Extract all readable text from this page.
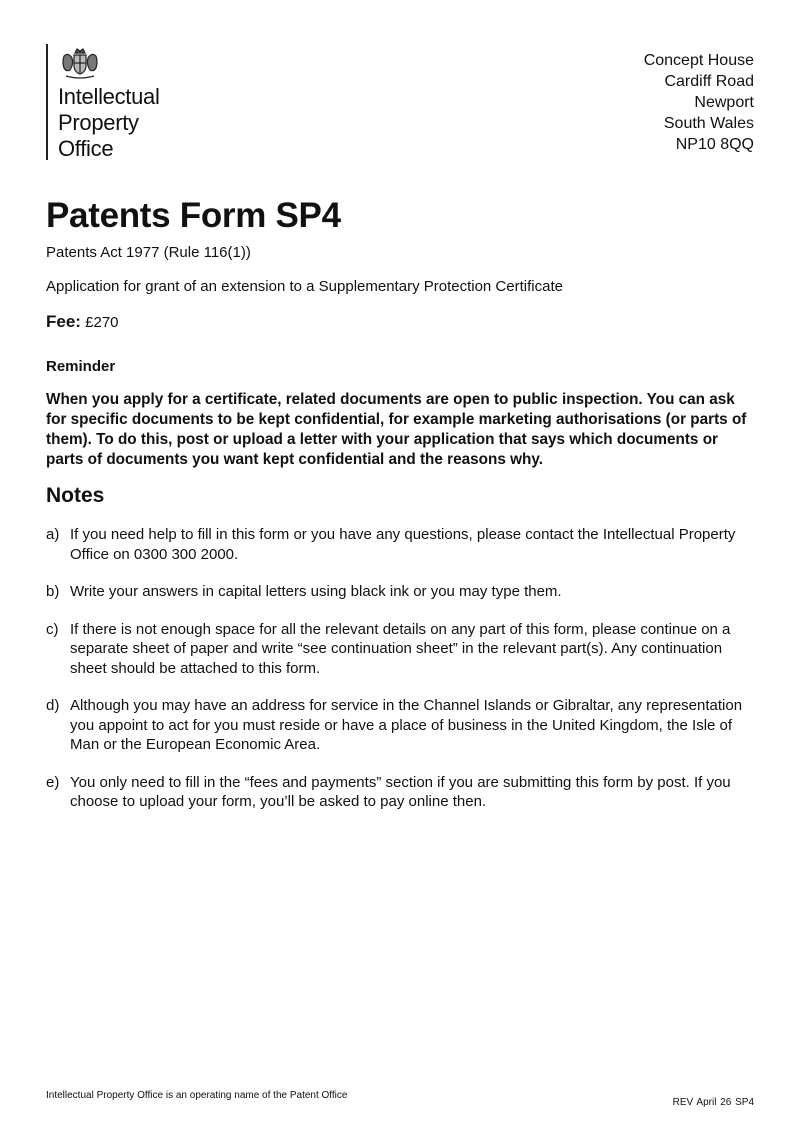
Intellectual
Property
Office
Concept House
Cardiff Road
Newport
South Wales
NP10 8QQ
Patents Form SP4
Patents Act 1977 (Rule 116(1))
Application for grant of an extension to a Supplementary Protection Certificate
Fee: £270
Reminder

When you apply for a certificate, related documents are open to public inspection. You can ask for specific documents to be kept confidential, for example marketing authorisations (or parts of them). To do this, post or upload a letter with your application that says which documents or parts of documents you want kept confidential and the reasons why.

Notes
a) If you need help to fill in this form or you have any questions, please contact the Intellectual Property Office on 0300 300 2000.
b) Write your answers in capital letters using black ink or you may type them.
c) If there is not enough space for all the relevant details on any part of this form, please continue on a separate sheet of paper and write “see continuation sheet” in the relevant part(s). Any continuation sheet should be attached to this form.
d) Although you may have an address for service in the Channel Islands or Gibraltar, any representation you appoint to act for you must reside or have a place of business in the United Kingdom, the Isle of Man or the European Economic Area.
e) You only need to fill in the “fees and payments” section if you are submitting this form by post. If you choose to upload your form, you’ll be asked to pay online then.
Intellectual Property Office is an operating name of the Patent Office
REV April 26 SP4
